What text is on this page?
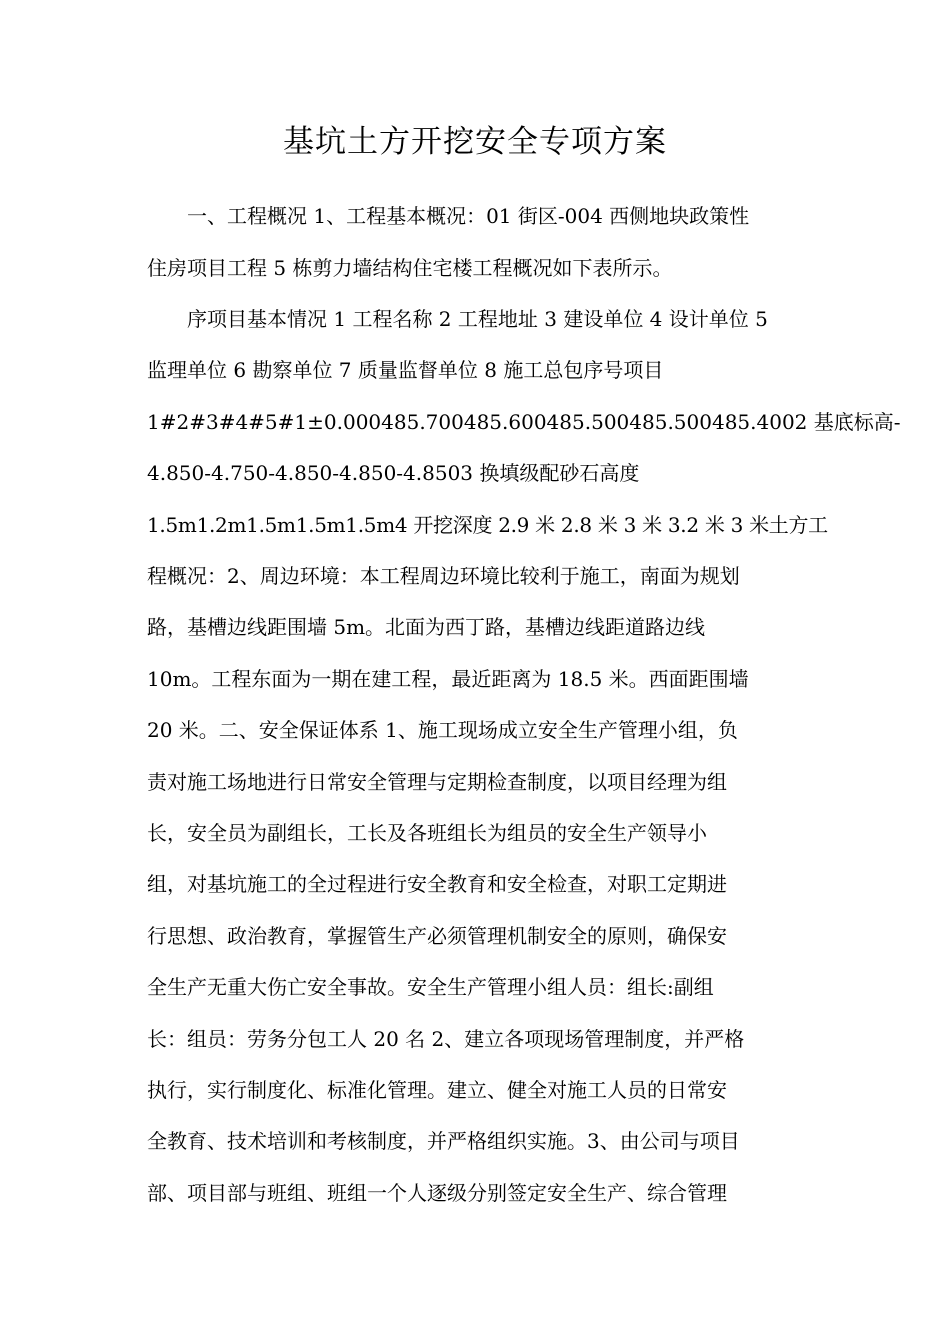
基坑土方开挖安全专项方案

一、工程概况 1、工程基本概况：01 街区-004 西侧地块政策性

住房项目工程 5 栋剪力墙结构住宅楼工程概况如下表所示。

序项目基本情况 1 工程名称 2 工程地址 3 建设单位 4 设计单位 5

监理单位 6 勘察单位 7 质量监督单位 8 施工总包序号项目

1#2#3#4#5#1±0.000485.700485.600485.500485.500485.4002 基底标高-

4.850-4.750-4.850-4.850-4.8503 换填级配砂石高度

1.5m1.2m1.5m1.5m1.5m4 开挖深度 2.9 米 2.8 米 3 米 3.2 米 3 米土方工

程概况：2、周边环境：本工程周边环境比较利于施工，南面为规划

路，基槽边线距围墙 5m。北面为西丁路，基槽边线距道路边线

10m。工程东面为一期在建工程，最近距离为 18.5 米。西面距围墙

20 米。二、安全保证体系 1、施工现场成立安全生产管理小组，负

责对施工场地进行日常安全管理与定期检查制度，以项目经理为组

长，安全员为副组长，工长及各班组长为组员的安全生产领导小

组，对基坑施工的全过程进行安全教育和安全检查，对职工定期进

行思想、政治教育，掌握管生产必须管理机制安全的原则，确保安

全生产无重大伤亡安全事故。安全生产管理小组人员：组长:副组

长：组员：劳务分包工人 20 名 2、建立各项现场管理制度，并严格

执行，实行制度化、标准化管理。建立、健全对施工人员的日常安

全教育、技术培训和考核制度，并严格组织实施。3、由公司与项目

部、项目部与班组、班组一个人逐级分别签定安全生产、综合管理
